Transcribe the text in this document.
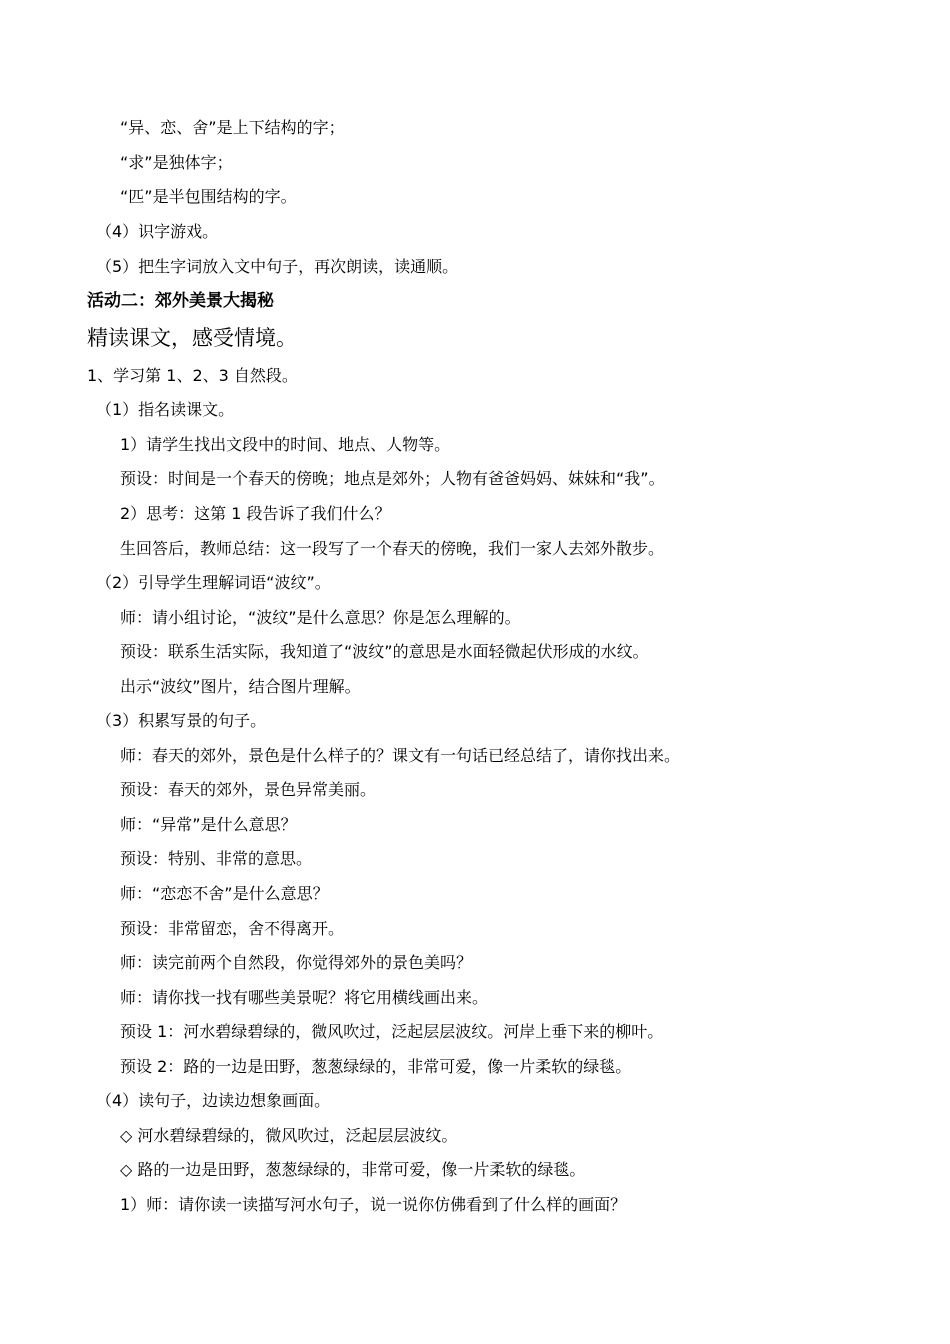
“异、恋、舍”是上下结构的字；
“求”是独体字；
“匹”是半包围结构的字。
（4）识字游戏。
（5）把生字词放入文中句子，再次朗读，读通顺。
活动二：郊外美景大揭秘
精读课文，感受情境。
1、学习第 1、2、3 自然段。
（1）指名读课文。
1）请学生找出文段中的时间、地点、人物等。
预设：时间是一个春天的傍晚；地点是郊外；人物有爸爸妈妈、妹妹和“我”。
2）思考：这第 1 段告诉了我们什么？
生回答后，教师总结：这一段写了一个春天的傍晚，我们一家人去郊外散步。
（2）引导学生理解词语“波纹”。
师：请小组讨论，“波纹”是什么意思？你是怎么理解的。
预设：联系生活实际，我知道了“波纹”的意思是水面轻微起伏形成的水纹。
出示“波纹”图片，结合图片理解。
（3）积累写景的句子。
师：春天的郊外，景色是什么样子的？课文有一句话已经总结了，请你找出来。
预设：春天的郊外，景色异常美丽。
师：“异常”是什么意思？
预设：特别、非常的意思。
师：“恋恋不舍”是什么意思？
预设：非常留恋，舍不得离开。
师：读完前两个自然段，你觉得郊外的景色美吗？
师：请你找一找有哪些美景呢？将它用横线画出来。
预设 1：河水碧绿碧绿的，微风吹过，泛起层层波纹。河岸上垂下来的柳叶。
预设 2：路的一边是田野，葱葱绿绿的，非常可爱，像一片柔软的绿毯。
（4）读句子，边读边想象画面。
◇ 河水碧绿碧绿的，微风吹过，泛起层层波纹。
◇ 路的一边是田野，葱葱绿绿的，非常可爱，像一片柔软的绿毯。
1）师：请你读一读描写河水句子，说一说你仿佛看到了什么样的画面？
